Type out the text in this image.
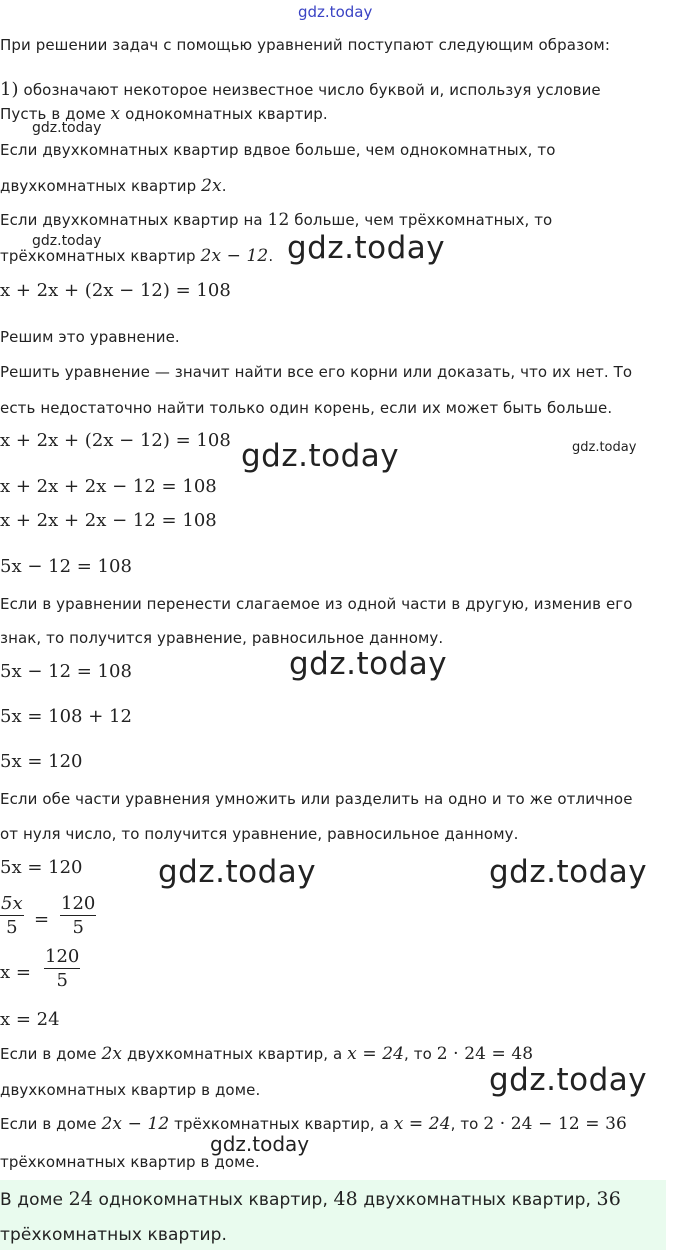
gdz.today
При решении задач с помощью уравнений поступают следующим образом:
1) обозначают некоторое неизвестное число буквой и, используя условие
Пусть в доме x однокомнатных квартир.
gdz.today
Если двухкомнатных квартир вдвое больше, чем однокомнатных, то
двухкомнатных квартир 2x.
Если двухкомнатных квартир на 12 больше, чем трёхкомнатных, то
gdz.today
трёхкомнатных квартир 2x − 12. gdz.today
x + 2x + (2x − 12) = 108
Решим это уравнение.
Решить уравнение — значит найти все его корни или доказать, что их нет. То
есть недостаточно найти только один корень, если их может быть больше.
x + 2x + (2x − 12) = 108 gdz.today	gdz.today
x + 2x + 2x − 12 = 108
x + 2x + 2x − 12 = 108
5x − 12 = 108
Если в уравнении перенести слагаемое из одной части в другую, изменив его
знак, то получится уравнение, равносильное данному.
5x − 12 = 108	gdz.today
5x = 108 + 12
5x = 120
Если обе части уравнения умножить или разделить на одно и то же отличное
от нуля число, то получится уравнение, равносильное данному.
5x = 120 gdz.today	gdz.today
5x
5 =
120
5
x =
120
5
x = 24
Если в доме 2x двухкомнатных квартир, а x = 24, то 2 · 24 = 48
двухкомнатных квартир в доме.	gdz.today
Если в доме 2x − 12 трёхкомнатных квартир, а x = 24, то 2 · 24 − 12 = 36
gdz.today
трёхкомнатных квартир в доме.
В доме 24 однокомнатных квартир, 48 двухкомнатных квартир, 36
трёхкомнатных квартир.
